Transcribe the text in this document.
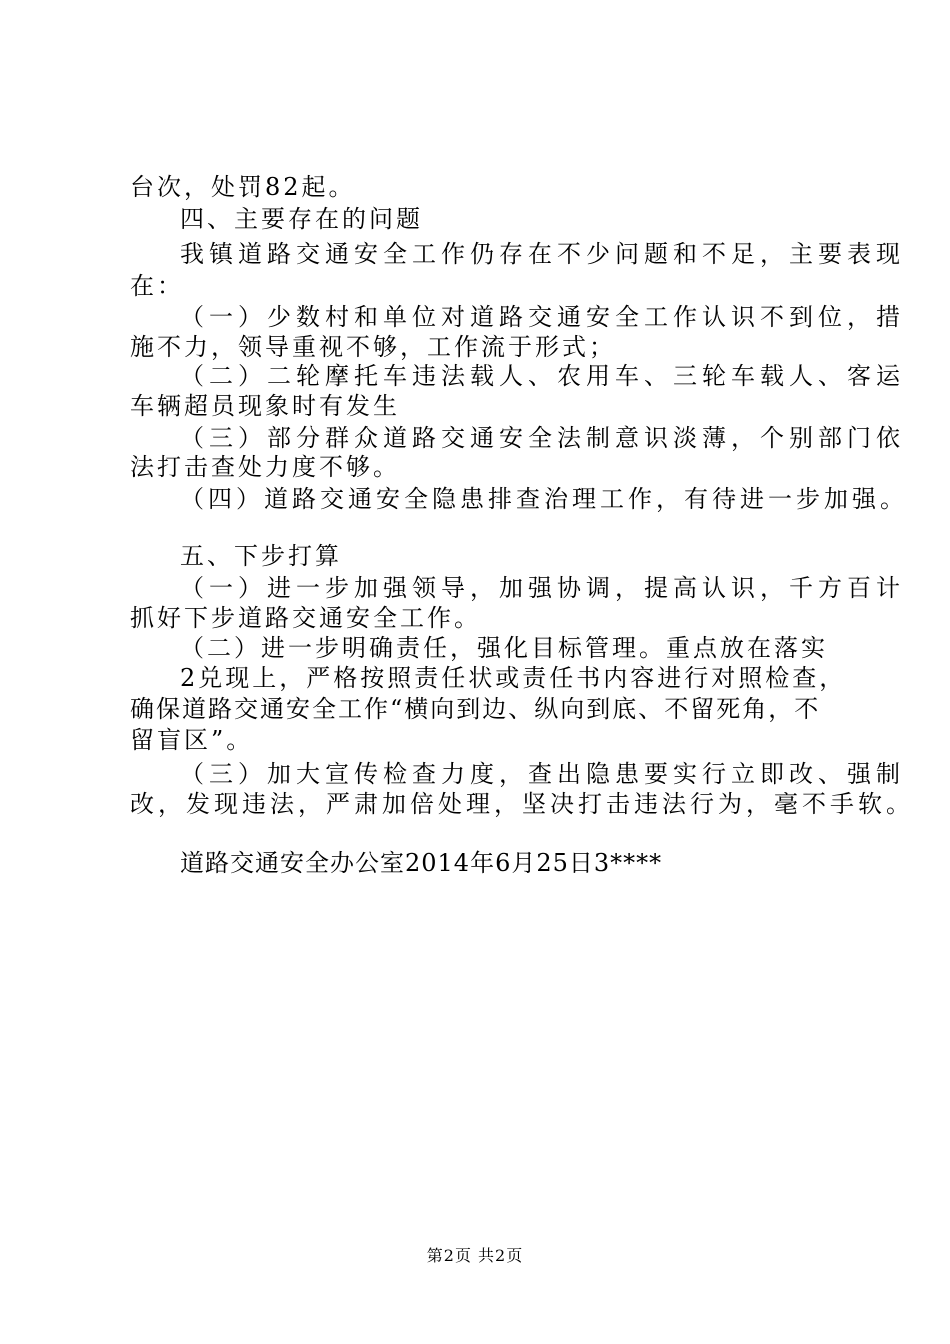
台次，处罚82起。
四、主要存在的问题
我镇道路交通安全工作仍存在不少问题和不足，主要表现
在：
（一）少数村和单位对道路交通安全工作认识不到位，措
施不力，领导重视不够，工作流于形式；
（二）二轮摩托车违法载人、农用车、三轮车载人、客运
车辆超员现象时有发生
（三）部分群众道路交通安全法制意识淡薄，个别部门依
法打击查处力度不够。
（四）道路交通安全隐患排查治理工作，有待进一步加强。
五、下步打算
（一）进一步加强领导，加强协调，提高认识，千方百计
抓好下步道路交通安全工作。
（二）进一步明确责任，强化目标管理。重点放在落实
2兑现上，严格按照责任状或责任书内容进行对照检查，
确保道路交通安全工作“横向到边、纵向到底、不留死角，不
留盲区”。
（三）加大宣传检查力度，查出隐患要实行立即改、强制
改，发现违法，严肃加倍处理，坚决打击违法行为，毫不手软。
道路交通安全办公室2014年6月25日3****
第2页 共2页
